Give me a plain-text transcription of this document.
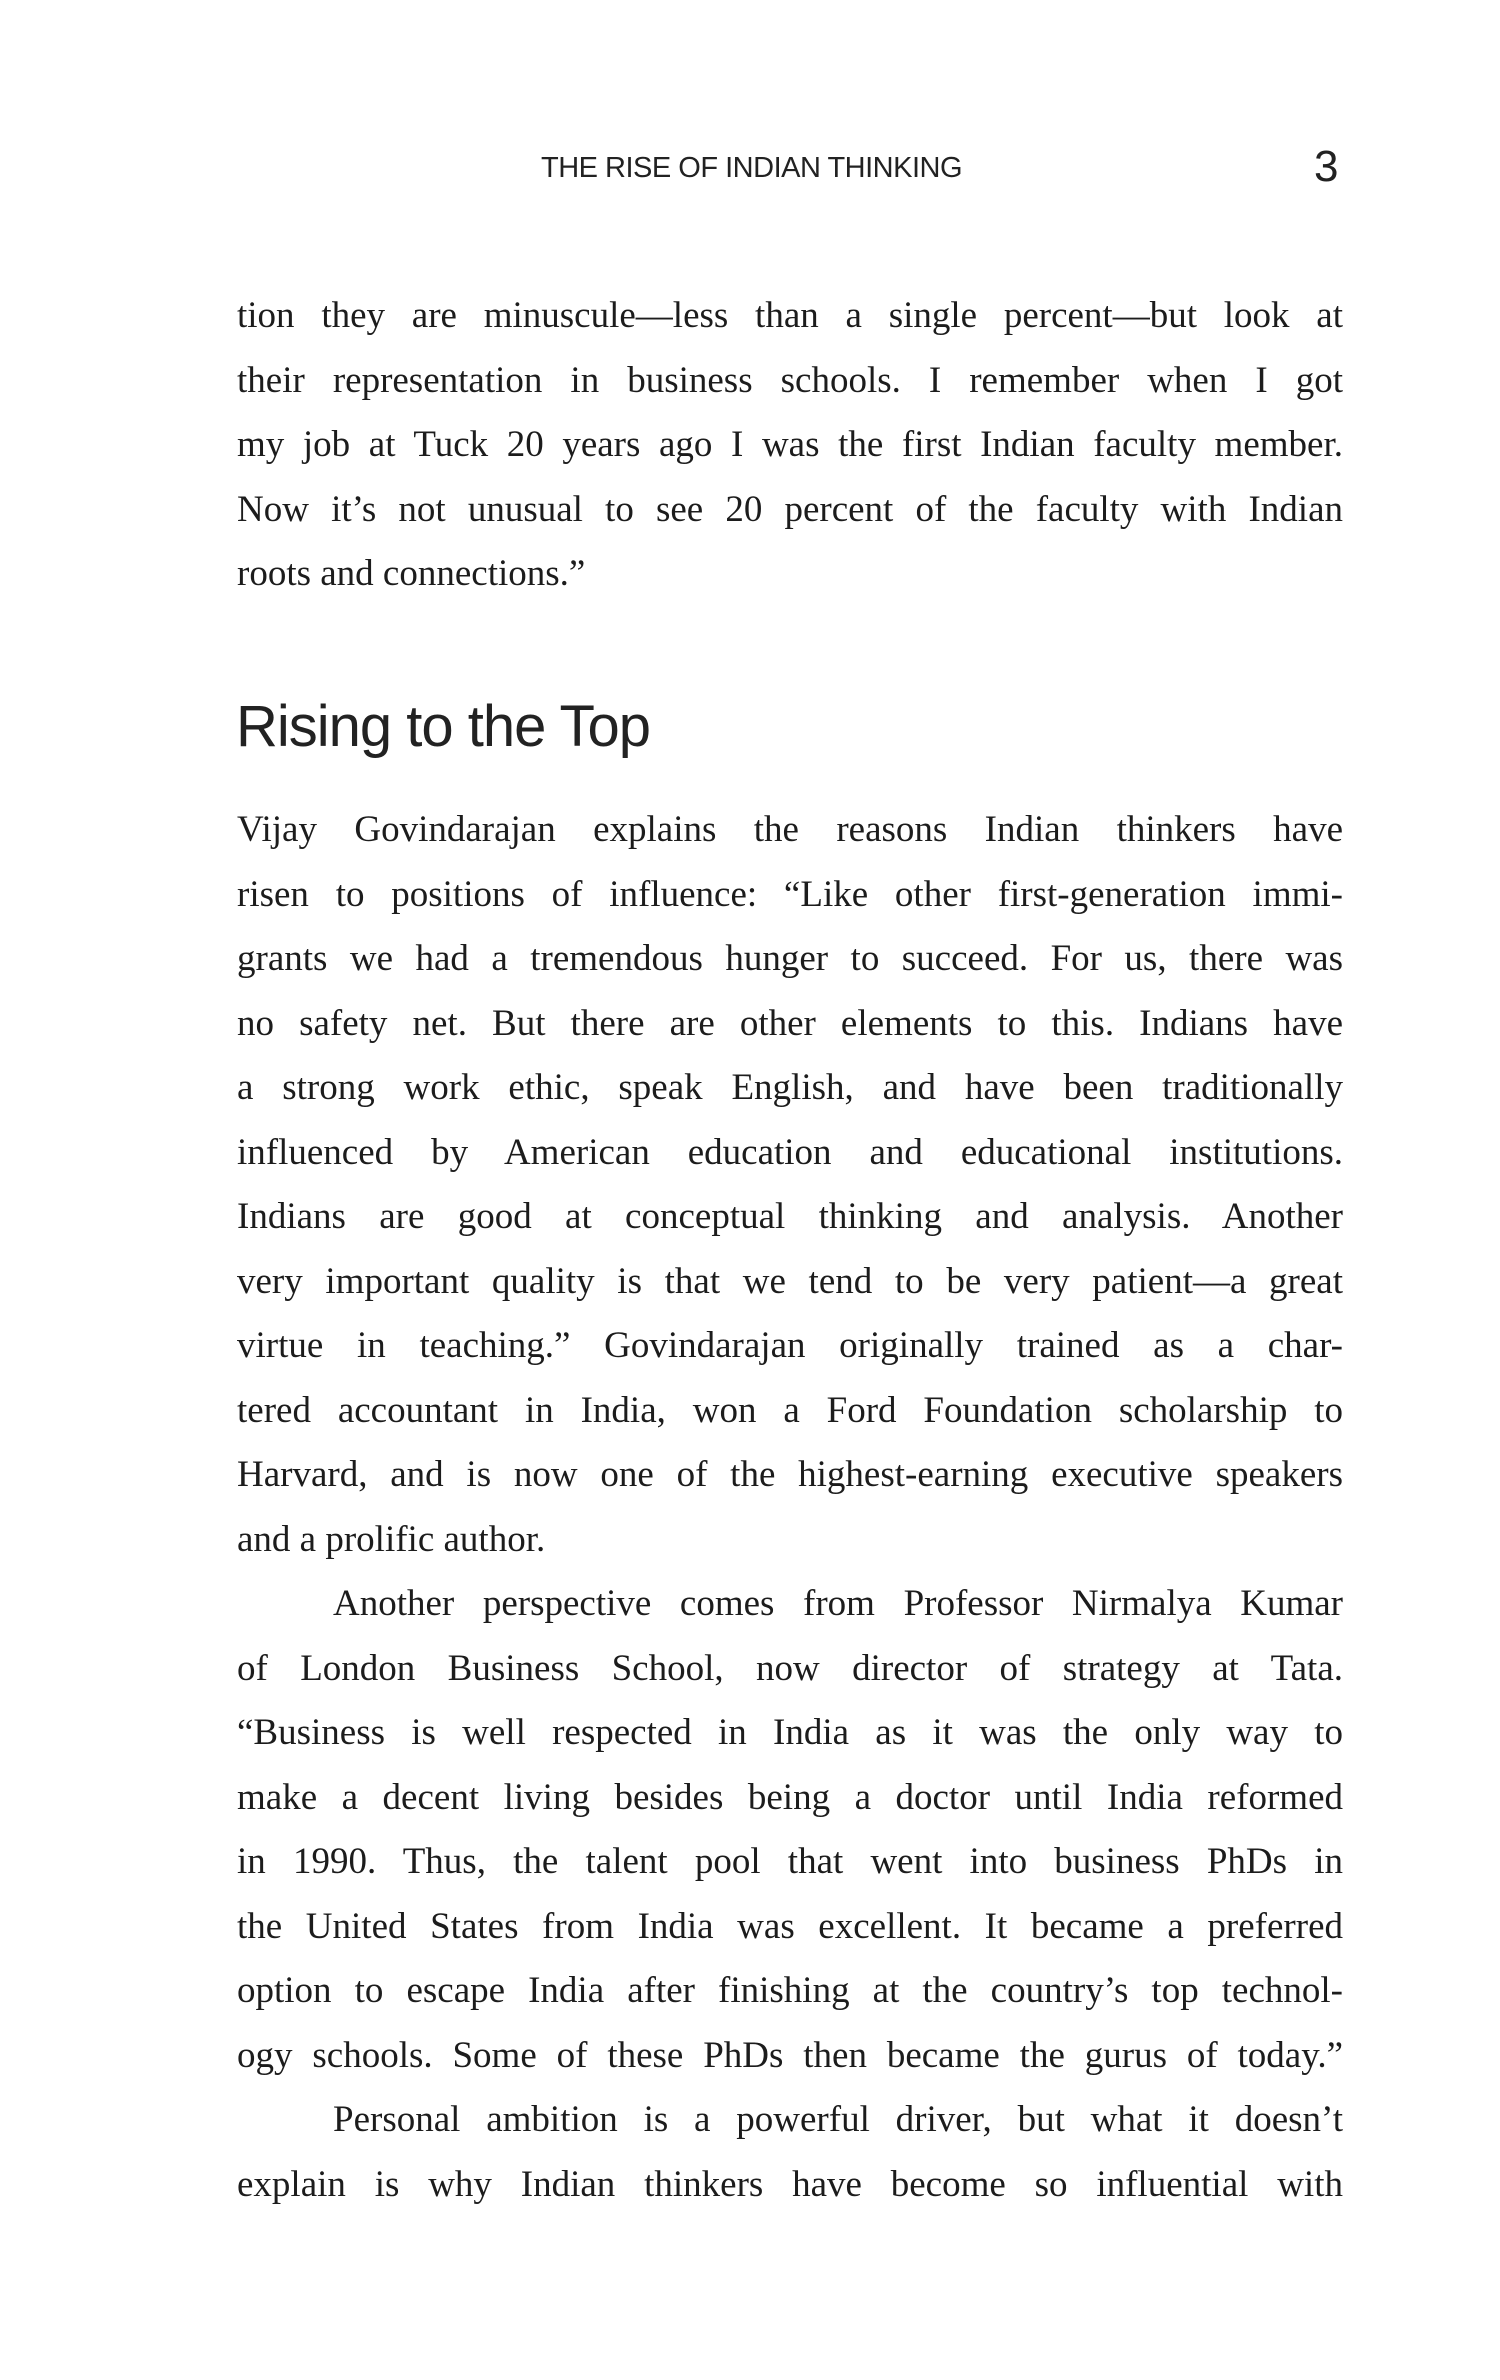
THE RISE OF INDIAN THINKING	3
tion they are minuscule—less than a single percent—but look at
their representation in business schools. I remember when I got
my job at Tuck 20 years ago I was the first Indian faculty member.
Now it’s not unusual to see 20 percent of the faculty with Indian
roots and connections.”
Rising to the Top
Vijay Govindarajan explains the reasons Indian thinkers have
risen to positions of influence: “Like other first-generation immi-
grants we had a tremendous hunger to succeed. For us, there was
no safety net. But there are other elements to this. Indians have
a strong work ethic, speak English, and have been traditionally
influenced by American education and educational institutions.
Indians are good at conceptual thinking and analysis. Another
very important quality is that we tend to be very patient—a great
virtue in teaching.” Govindarajan originally trained as a char-
tered accountant in India, won a Ford Foundation scholarship to
Harvard, and is now one of the highest-earning executive speakers
and a prolific author.
Another perspective comes from Professor Nirmalya Kumar
of London Business School, now director of strategy at Tata.
“Business is well respected in India as it was the only way to
make a decent living besides being a doctor until India reformed
in 1990. Thus, the talent pool that went into business PhDs in
the United States from India was excellent. It became a preferred
option to escape India after finishing at the country’s top technol-
ogy schools. Some of these PhDs then became the gurus of today.”
Personal ambition is a powerful driver, but what it doesn’t
explain is why Indian thinkers have become so influential with
